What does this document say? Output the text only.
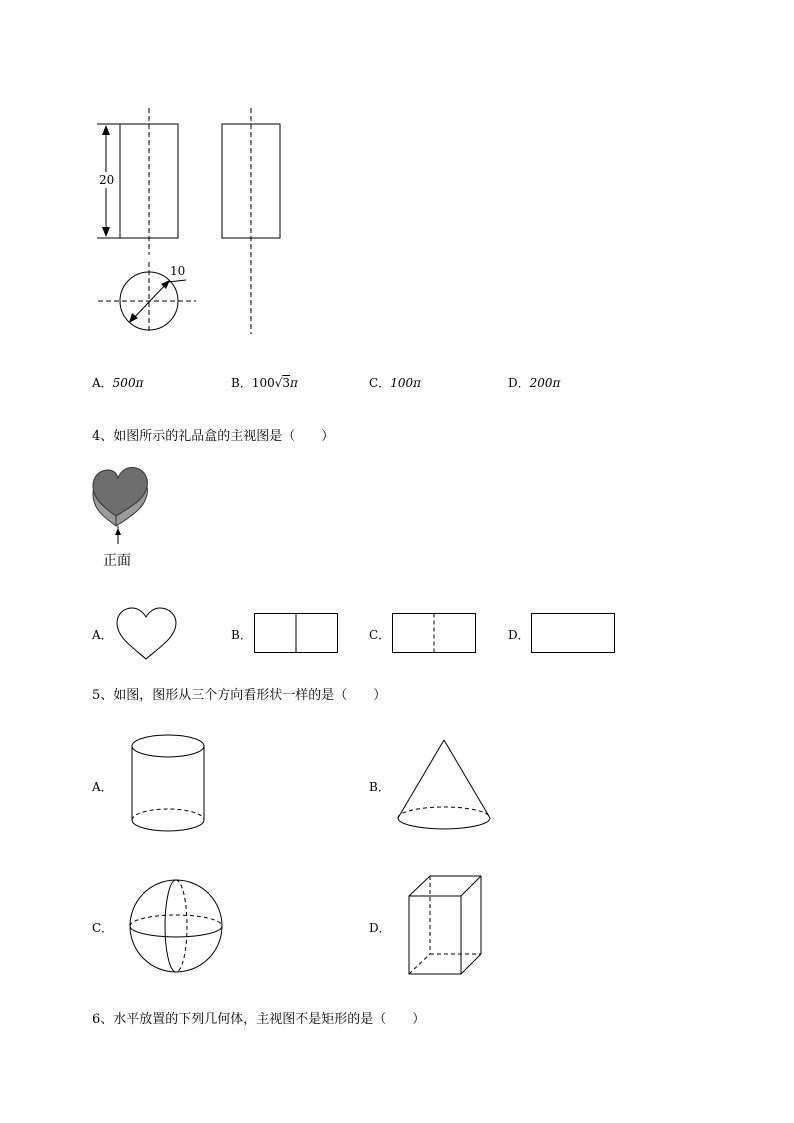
20
10
A．500π	B．100√3π	C．100π	D．200π
4、如图所示的礼品盒的主视图是（　　）
正面
A．	B．	C．	D．
5、如图，图形从三个方向看形状一样的是（　　）
A．	B．
C．	D．
6、水平放置的下列几何体，主视图不是矩形的是（　　）
